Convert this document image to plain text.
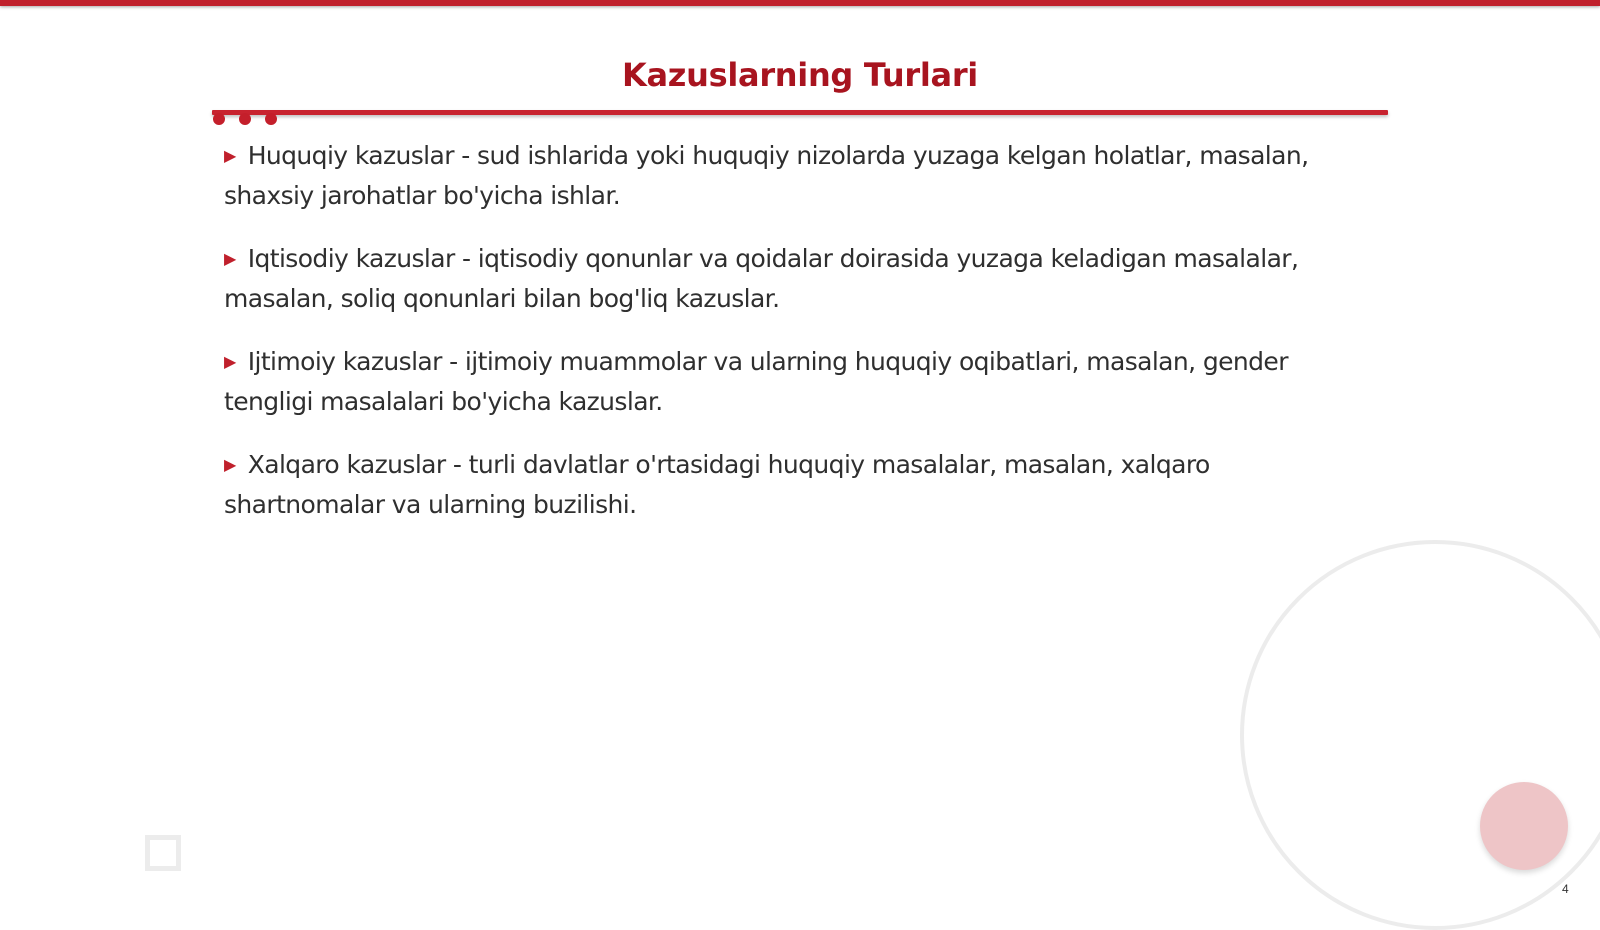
Kazuslarning Turlari
▶ Huquqiy kazuslar - sud ishlarida yoki huquqiy nizolarda yuzaga kelgan holatlar, masalan, shaxsiy jarohatlar bo'yicha ishlar.
▶ Iqtisodiy kazuslar - iqtisodiy qonunlar va qoidalar doirasida yuzaga keladigan masalalar, masalan, soliq qonunlari bilan bog'liq kazuslar.
▶ Ijtimoiy kazuslar - ijtimoiy muammolar va ularning huquqiy oqibatlari, masalan, gender tengligi masalalari bo'yicha kazuslar.
▶ Xalqaro kazuslar - turli davlatlar o'rtasidagi huquqiy masalalar, masalan, xalqaro shartnomalar va ularning buzilishi.
4
